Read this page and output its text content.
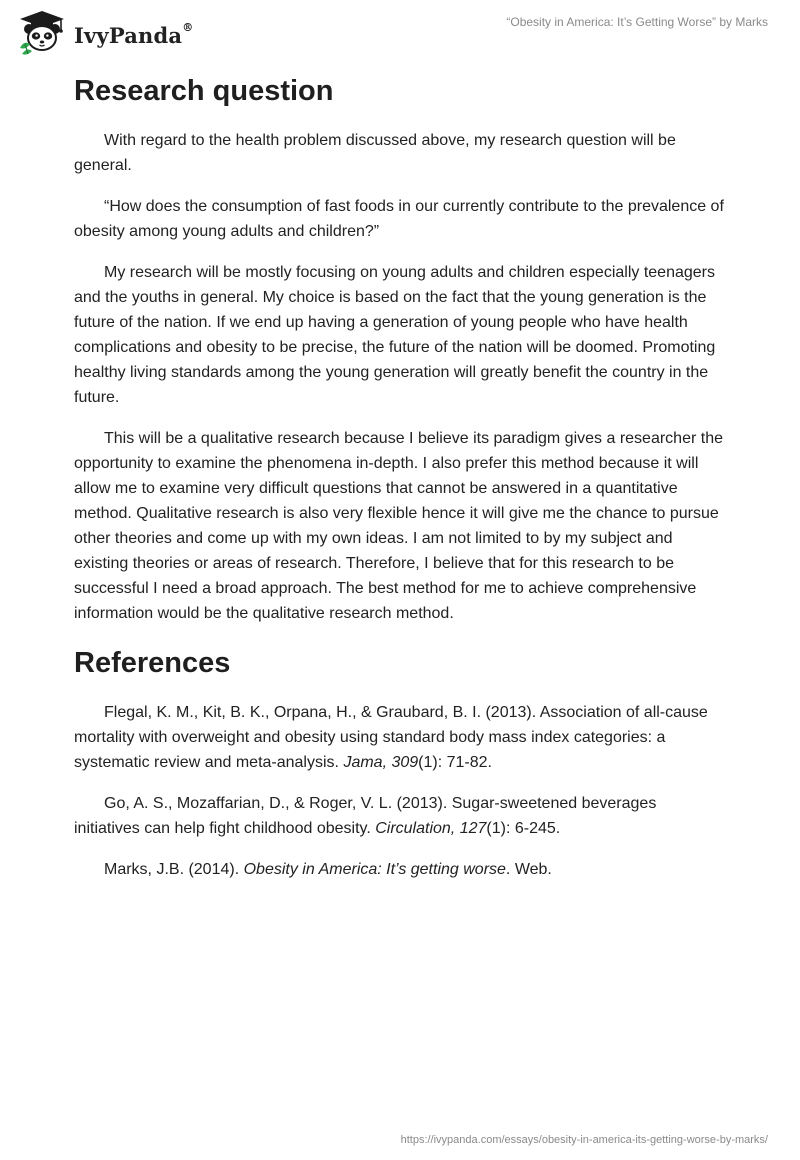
IvyPanda®	“Obesity in America: It’s Getting Worse” by Marks
Research question

With regard to the health problem discussed above, my research question will be general.

“How does the consumption of fast foods in our currently contribute to the prevalence of obesity among young adults and children?”

My research will be mostly focusing on young adults and children especially teenagers and the youths in general. My choice is based on the fact that the young generation is the future of the nation. If we end up having a generation of young people who have health complications and obesity to be precise, the future of the nation will be doomed. Promoting healthy living standards among the young generation will greatly benefit the country in the future.

This will be a qualitative research because I believe its paradigm gives a researcher the opportunity to examine the phenomena in-depth. I also prefer this method because it will allow me to examine very difficult questions that cannot be answered in a quantitative method. Qualitative research is also very flexible hence it will give me the chance to pursue other theories and come up with my own ideas. I am not limited to by my subject and existing theories or areas of research. Therefore, I believe that for this research to be successful I need a broad approach. The best method for me to achieve comprehensive information would be the qualitative research method.

References

Flegal, K. M., Kit, B. K., Orpana, H., & Graubard, B. I. (2013). Association of all-cause mortality with overweight and obesity using standard body mass index categories: a systematic review and meta-analysis. Jama, 309(1): 71-82.

Go, A. S., Mozaffarian, D., & Roger, V. L. (2013). Sugar-sweetened beverages initiatives can help fight childhood obesity. Circulation, 127(1): 6-245.

Marks, J.B. (2014). Obesity in America: It’s getting worse. Web.

https://ivypanda.com/essays/obesity-in-america-its-getting-worse-by-marks/
